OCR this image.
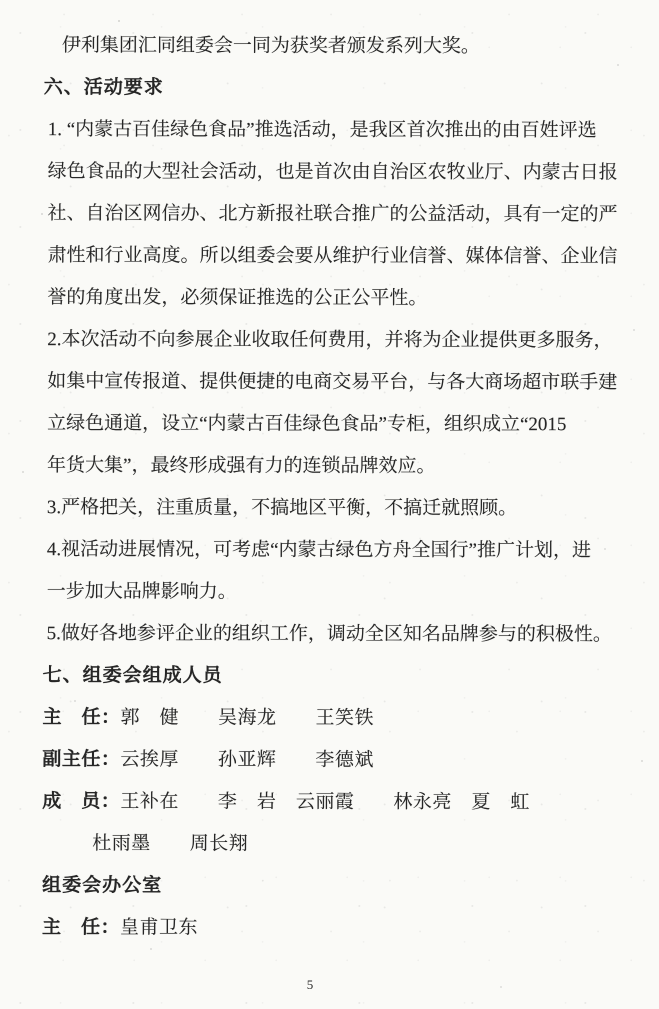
伊利集团汇同组委会一同为获奖者颁发系列大奖。
六、活动要求
1. “内蒙古百佳绿色食品”推选活动，是我区首次推出的由百姓评选
绿色食品的大型社会活动，也是首次由自治区农牧业厅、内蒙古日报
社、自治区网信办、北方新报社联合推广的公益活动，具有一定的严
肃性和行业高度。所以组委会要从维护行业信誉、媒体信誉、企业信
誉的角度出发，必须保证推选的公正公平性。
2.本次活动不向参展企业收取任何费用，并将为企业提供更多服务，
如集中宣传报道、提供便捷的电商交易平台，与各大商场超市联手建
立绿色通道，设立“内蒙古百佳绿色食品”专柜，组织成立“2015
年货大集”，最终形成强有力的连锁品牌效应。
3.严格把关，注重质量，不搞地区平衡，不搞迁就照顾。
4.视活动进展情况，可考虑“内蒙古绿色方舟全国行”推广计划，进
一步加大品牌影响力。
5.做好各地参评企业的组织工作，调动全区知名品牌参与的积极性。
七、组委会组成人员
主　任：郭　健　　吴海龙　　王笑铁
副主任：云挨厚　　孙亚辉　　李德斌
成　员：王补在　　李　岩　云丽霞　　林永亮　夏　虹
杜雨墨　　周长翔
组委会办公室
主　任：皇甫卫东
5
